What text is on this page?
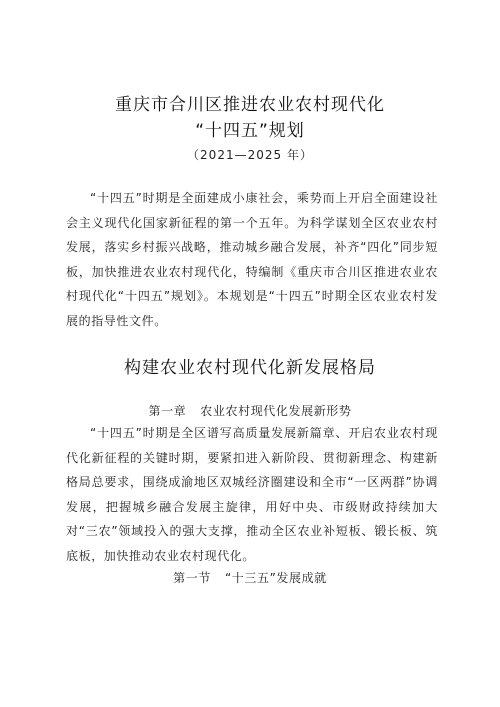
重庆市合川区推进农业农村现代化
“十四五”规划
（2021—2025 年）

“十四五”时期是全面建成小康社会，乘势而上开启全面建设社会主义现代化国家新征程的第一个五年。为科学谋划全区农业农村发展，落实乡村振兴战略，推动城乡融合发展，补齐“四化”同步短板，加快推进农业农村现代化，特编制《重庆市合川区推进农业农村现代化“十四五”规划》。本规划是“十四五”时期全区农业农村发展的指导性文件。

构建农业农村现代化新发展格局
第一章 农业农村现代化发展新形势

“十四五”时期是全区谱写高质量发展新篇章、开启农业农村现代化新征程的关键时期，要紧扣进入新阶段、贯彻新理念、构建新格局总要求，围绕成渝地区双城经济圈建设和全市“一区两群”协调发展，把握城乡融合发展主旋律，用好中央、市级财政持续加大对“三农”领域投入的强大支撑，推动全区农业补短板、锻长板、筑底板，加快推动农业农村现代化。

第一节 “十三五”发展成就
